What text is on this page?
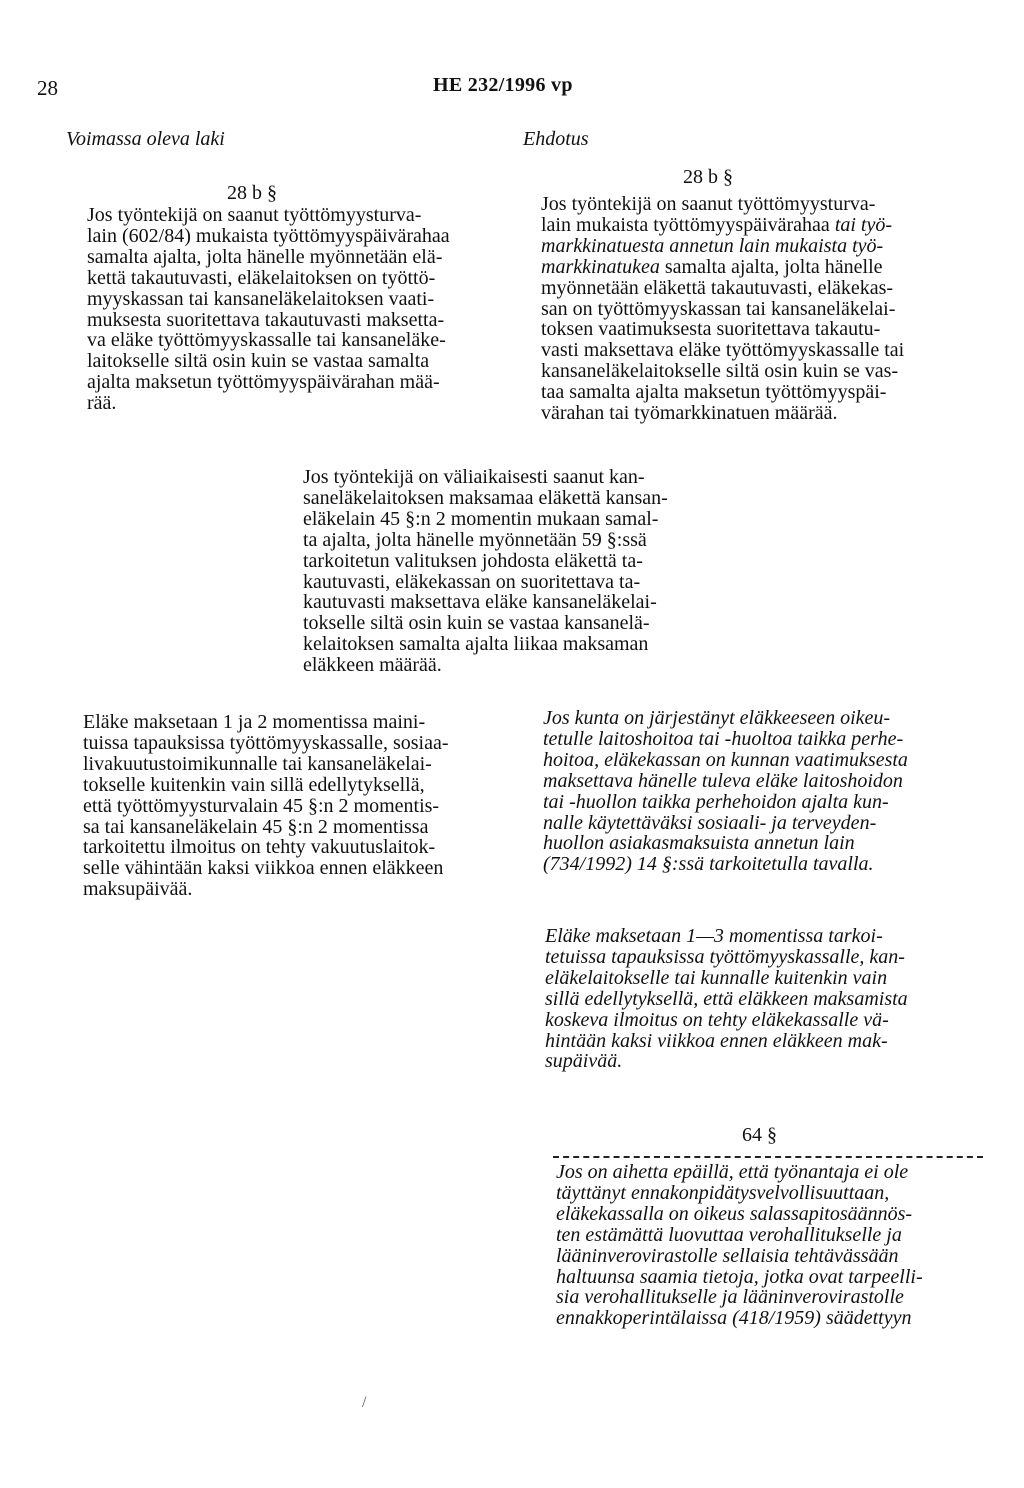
28	HE 232/1996 vp
Voimassa oleva laki	Ehdotus
28 b §
Jos työntekijä on saanut työttömyysturva-
lain (602/84) mukaista työttömyyspäivärahaa
samalta ajalta, jolta hänelle myönnetään elä-
kettä takautuvasti, eläkelaitoksen on työttö-
myyskassan tai kansaneläkelaitoksen vaati-
muksesta suoritettava takautuvasti maksetta-
va eläke työttömyyskassalle tai kansaneläke-
laitokselle siltä osin kuin se vastaa samalta
ajalta maksetun työttömyyspäivärahan mää-
rää.
28 b §
Jos työntekijä on saanut työttömyysturva-
lain mukaista työttömyyspäivärahaa tai työ-
markkinatuesta annetun lain mukaista työ-
markkinatukea samalta ajalta, jolta hänelle
myönnetään eläkettä takautuvasti, eläkekas-
san on työttömyyskassan tai kansaneläkelai-
toksen vaatimuksesta suoritettava takautu-
vasti maksettava eläke työttömyyskassalle tai
kansaneläkelaitokselle siltä osin kuin se vas-
taa samalta ajalta maksetun työttömyyspäi-
värahan tai työmarkkinatuen määrää.
Jos työntekijä on väliaikaisesti saanut kan-
saneläkelaitoksen maksamaa eläkettä kansan-
eläkelain 45 §:n 2 momentin mukaan samal-
ta ajalta, jolta hänelle myönnetään 59 §:ssä
tarkoitetun valituksen johdosta eläkettä ta-
kautuvasti, eläkekassan on suoritettava ta-
kautuvasti maksettava eläke kansaneläkelai-
tokselle siltä osin kuin se vastaa kansanelä-
kelaitoksen samalta ajalta liikaa maksaman
eläkkeen määrää.
Eläke maksetaan 1 ja 2 momentissa maini-
tuissa tapauksissa työttömyyskassalle, sosiaa-
livakuutustoimikunnalle tai kansaneläkelai-
tokselle kuitenkin vain sillä edellytyksellä,
että työttömyysturvalain 45 §:n 2 momentis-
sa tai kansaneläkelain 45 §:n 2 momentissa
tarkoitettu ilmoitus on tehty vakuutuslaitok-
selle vähintään kaksi viikkoa ennen eläkkeen
maksupäivää.
Jos kunta on järjestänyt eläkkeeseen oikeu-
tetulle laitoshoitoa tai -huoltoa taikka perhe-
hoitoa, eläkekassan on kunnan vaatimuksesta
maksettava hänelle tuleva eläke laitoshoidon
tai -huollon taikka perhehoidon ajalta kun-
nalle käytettäväksi sosiaali- ja terveyden-
huollon asiakasmaksuista annetun lain
(734/1992) 14 §:ssä tarkoitetulla tavalla.
Eläke maksetaan 1—3 momentissa tarkoi-
tetuissa tapauksissa työttömyyskassalle, kan-
eläkelaitokselle tai kunnalle kuitenkin vain
sillä edellytyksellä, että eläkkeen maksamista
koskeva ilmoitus on tehty eläkekassalle vä-
hintään kaksi viikkoa ennen eläkkeen mak-
supäivää.
64 §
Jos on aihetta epäillä, että työnantaja ei ole
täyttänyt ennakonpidätysvelvollisuuttaan,
eläkekassalla on oikeus salassapitosäännös-
ten estämättä luovuttaa verohallitukselle ja
lääninverovirastolle sellaisia tehtävässään
haltuunsa saamia tietoja, jotka ovat tarpeelli-
sia verohallitukselle ja lääninverovirastolle
ennakkoperintälaissa (418/1959) säädettyyn
/
